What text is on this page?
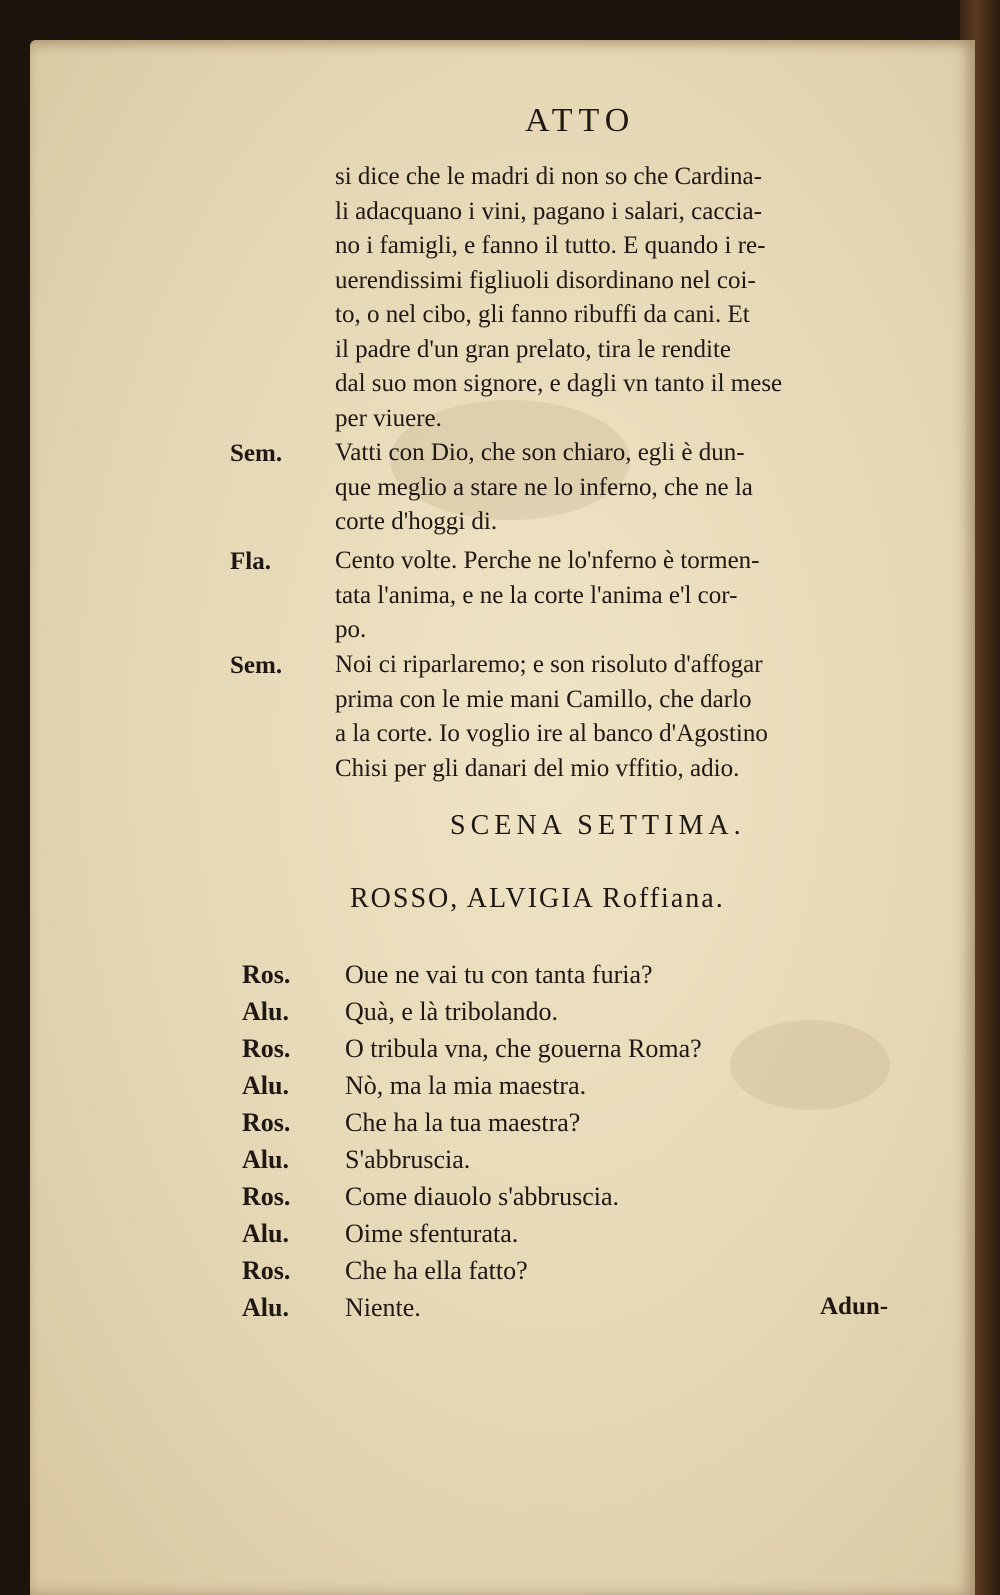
ATTO

si dice che le madri di non so che Cardina-

li adacquano i vini, pagano i salari, caccia-

no i famigli, e fanno il tutto. E quando i re-

uerendissimi figliuoli disordinano nel coi-

to, o nel cibo, gli fanno ribuffi da cani. Et

il padre d'un gran prelato, tira le rendite

dal suo mon signore, e dagli vn tanto il mese

per viuere.

Sem. Vatti con Dio, che son chiaro, egli è dun-

que meglio a stare ne lo inferno, che ne la

corte d'hoggi di.

Fla.	Cento volte. Perche ne lo'nferno è tormen-

tata l'anima, e ne la corte l'anima e'l cor-

po.

Sem. Noi ci riparlaremo; e son risoluto d'affogar

prima con le mie mani Camillo, che darlo

a la corte. Io voglio ire al banco d'Agostino

Chisi per gli danari del mio vffitio, adio.

SCENA SETTIMA.
ROSSO, ALVIGIA Roffiana.
Ros.	Oue ne vai tu con tanta furia?
Alu.	Quà, e là tribolando.
Ros.	O tribula vna, che gouerna Roma?
Alu.	Nò, ma la mia maestra.
Ros.	Che ha la tua maestra?
Alu.	S'abbruscia.
Ros.	Come diauolo s'abbruscia.
Alu.	Oime sfenturata.
Ros.	Che ha ella fatto?
Alu.	Niente.	Adun-
